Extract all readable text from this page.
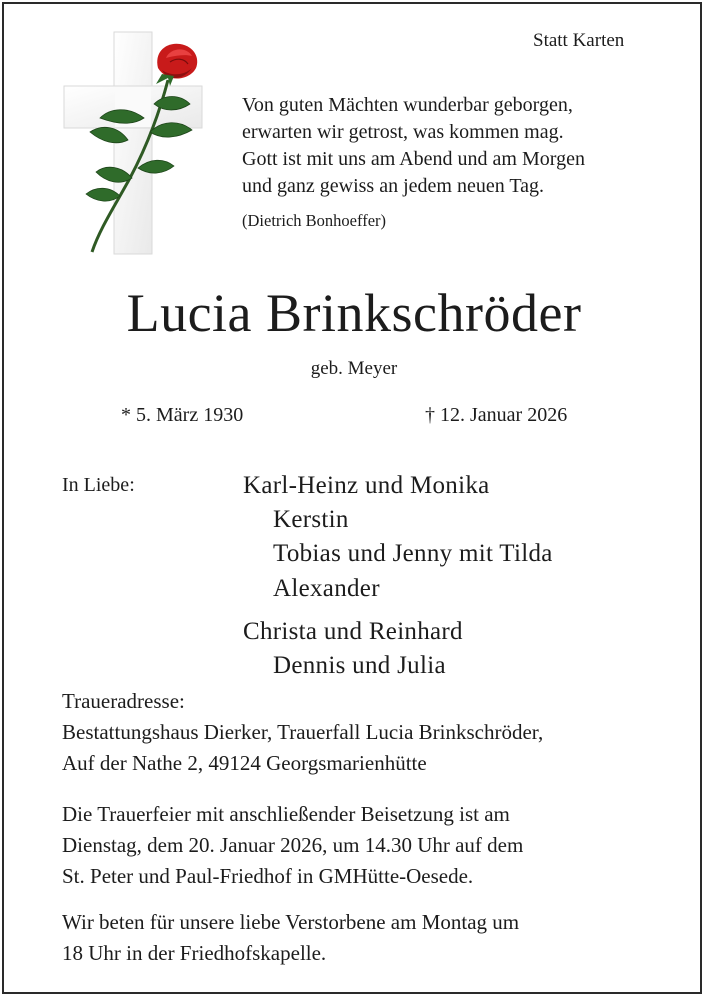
Statt Karten
Von guten Mächten wunderbar geborgen,
erwarten wir getrost, was kommen mag.
Gott ist mit uns am Abend und am Morgen
und ganz gewiss an jedem neuen Tag.
(Dietrich Bonhoeffer)
Lucia Brinkschröder
geb. Meyer
* 5. März 1930	† 12. Januar 2026
In Liebe:	Karl-Heinz und Monika
Kerstin
Tobias und Jenny mit Tilda
Alexander
Christa und Reinhard
Dennis und Julia
Traueradresse:
Bestattungshaus Dierker, Trauerfall Lucia Brinkschröder,
Auf der Nathe 2, 49124 Georgsmarienhütte
Die Trauerfeier mit anschließender Beisetzung ist am
Dienstag, dem 20. Januar 2026, um 14.30 Uhr auf dem
St. Peter und Paul-Friedhof in GMHütte-Oesede.
Wir beten für unsere liebe Verstorbene am Montag um
18 Uhr in der Friedhofskapelle.
